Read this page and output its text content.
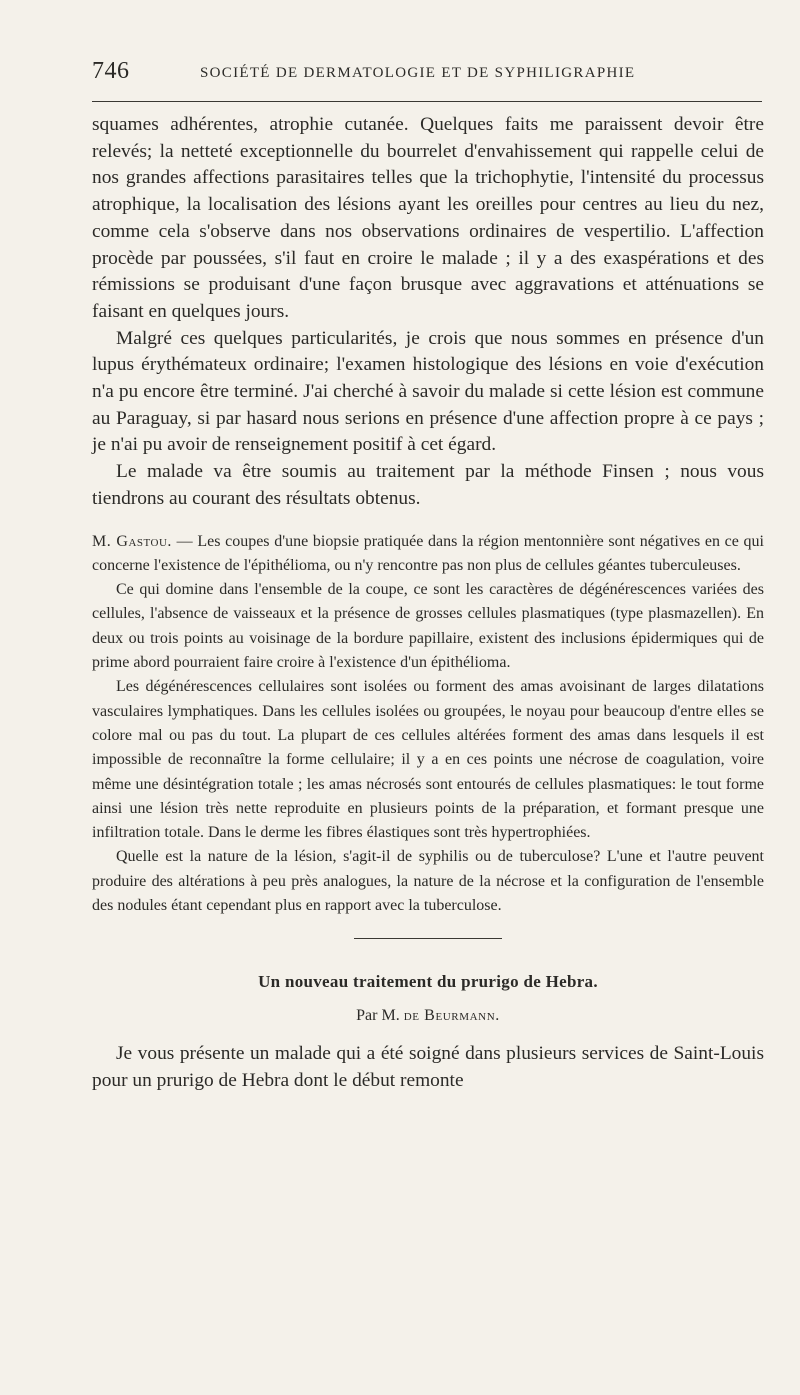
746	SOCIÉTÉ DE DERMATOLOGIE ET DE SYPHILIGRAPHIE

squames adhérentes, atrophie cutanée. Quelques faits me paraissent devoir être relevés; la netteté exceptionnelle du bourrelet d'envahissement qui rappelle celui de nos grandes affections parasitaires telles que la trichophytie, l'intensité du processus atrophique, la localisation des lésions ayant les oreilles pour centres au lieu du nez, comme cela s'observe dans nos observations ordinaires de vespertilio. L'affection procède par poussées, s'il faut en croire le malade ; il y a des exaspérations et des rémissions se produisant d'une façon brusque avec aggravations et atténuations se faisant en quelques jours.

Malgré ces quelques particularités, je crois que nous sommes en présence d'un lupus érythémateux ordinaire; l'examen histologique des lésions en voie d'exécution n'a pu encore être terminé. J'ai cherché à savoir du malade si cette lésion est commune au Paraguay, si par hasard nous serions en présence d'une affection propre à ce pays ; je n'ai pu avoir de renseignement positif à cet égard.

Le malade va être soumis au traitement par la méthode Finsen ; nous vous tiendrons au courant des résultats obtenus.

M. Gastou. — Les coupes d'une biopsie pratiquée dans la région mentonnière sont négatives en ce qui concerne l'existence de l'épithélioma, ou n'y rencontre pas non plus de cellules géantes tuberculeuses.

Ce qui domine dans l'ensemble de la coupe, ce sont les caractères de dégénérescences variées des cellules, l'absence de vaisseaux et la présence de grosses cellules plasmatiques (type plasmazellen). En deux ou trois points au voisinage de la bordure papillaire, existent des inclusions épidermiques qui de prime abord pourraient faire croire à l'existence d'un épithélioma.

Les dégénérescences cellulaires sont isolées ou forment des amas avoisinant de larges dilatations vasculaires lymphatiques. Dans les cellules isolées ou groupées, le noyau pour beaucoup d'entre elles se colore mal ou pas du tout. La plupart de ces cellules altérées forment des amas dans lesquels il est impossible de reconnaître la forme cellulaire; il y a en ces points une nécrose de coagulation, voire même une désintégration totale ; les amas nécrosés sont entourés de cellules plasmatiques: le tout forme ainsi une lésion très nette reproduite en plusieurs points de la préparation, et formant presque une infiltration totale. Dans le derme les fibres élastiques sont très hypertrophiées.

Quelle est la nature de la lésion, s'agit-il de syphilis ou de tuberculose? L'une et l'autre peuvent produire des altérations à peu près analogues, la nature de la nécrose et la configuration de l'ensemble des nodules étant cependant plus en rapport avec la tuberculose.

Un nouveau traitement du prurigo de Hebra.
Par M. de Beurmann.

Je vous présente un malade qui a été soigné dans plusieurs services de Saint-Louis pour un prurigo de Hebra dont le début remonte
